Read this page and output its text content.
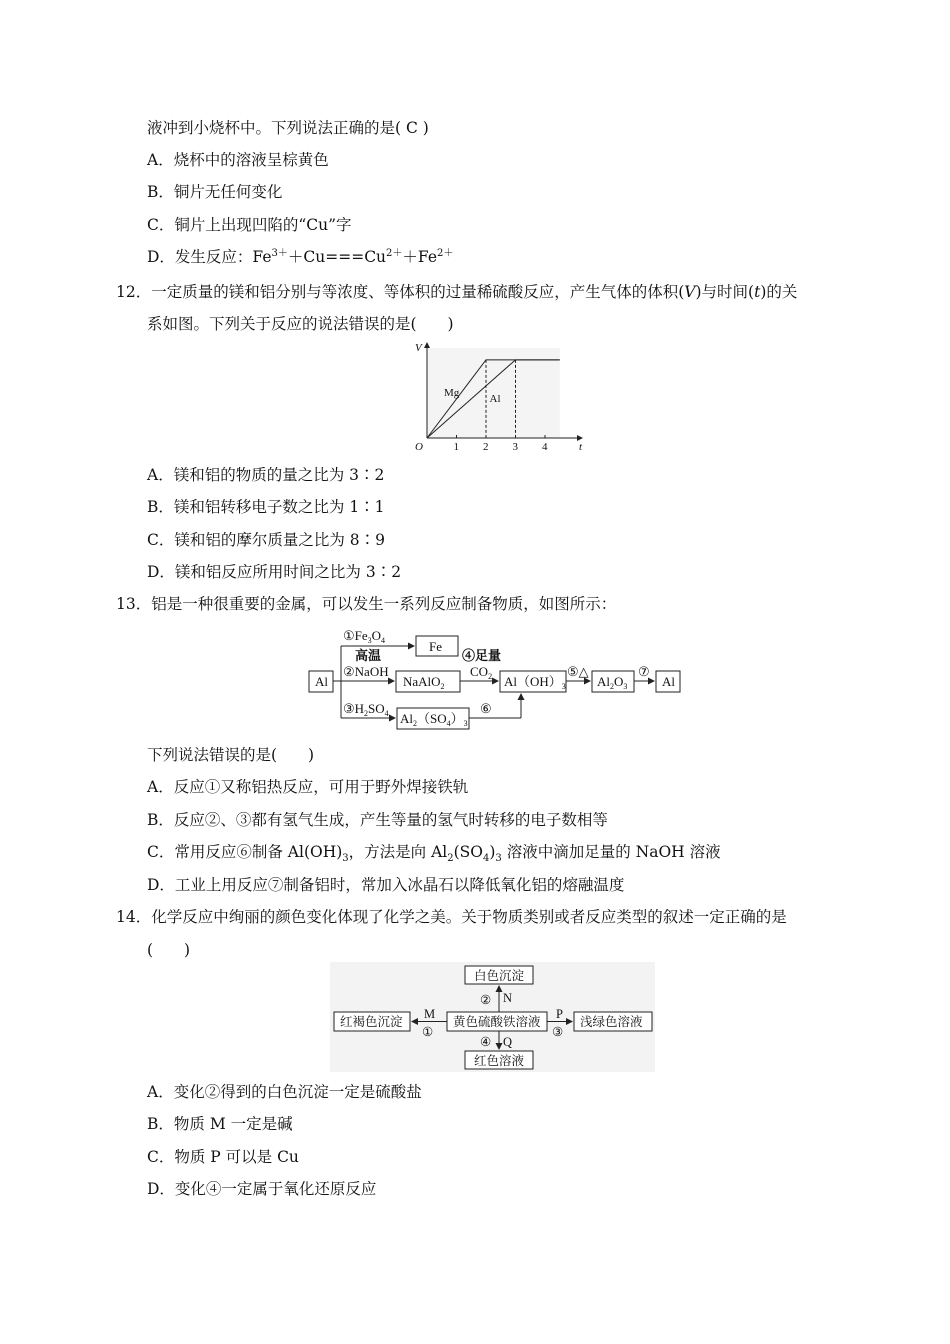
液冲到小烧杯中。下列说法正确的是( C )
A．烧杯中的溶液呈棕黄色
B．铜片无任何变化
C．铜片上出现凹陷的“Cu”字
D．发生反应：$Fe^{3+}+Cu===Cu^{2+}+Fe^{2+}$
12．一定质量的镁和铝分别与等浓度、等体积的过量稀硫酸反应，产生气体的体积(V)与时间(t)的关
系如图。下列关于反应的说法错误的是(　　)
1 2 3 4
Mg
Al
V
t
O
A．镁和铝的物质的量之比为 3∶2
B．镁和铝转移电子数之比为 1∶1
C．镁和铝的摩尔质量之比为 8∶9
D．镁和铝反应所用时间之比为 3∶2
13．铝是一种很重要的金属，可以发生一系列反应制备物质，如图所示：
Al
$①Fe_3O_4$
高温
Fe
④足量
$CO_2$
②NaOH
NaAlO$_2$	$Al(OH)_3$
⑤△
$Al_2O_3$
⑦
Al
$③H_2SO_4$ $Al_2(SO_4)_3$
⑥
下列说法错误的是(　　)
A．反应①又称铝热反应，可用于野外焊接铁轨
B．反应②、③都有氢气生成，产生等量的氢气时转移的电子数相等
C．常用反应⑥制备 $Al(OH)_3$，方法是向 $Al_2(SO_4)_3$ 溶液中滴加足量的 NaOH 溶液
D．工业上用反应⑦制备铝时，常加入冰晶石以降低氧化铝的熔融温度
14．化学反应中绚丽的颜色变化体现了化学之美。关于物质类别或者反应类型的叙述一定正确的是
(　　)
黄色硫酸铁溶液
白色沉淀
红褐色沉淀	浅绿色溶液
红色溶液
② N
M
①
P
③
④ Q
A．变化②得到的白色沉淀一定是硫酸盐
B．物质 M 一定是碱
C．物质 P 可以是 Cu
D．变化④一定属于氧化还原反应
